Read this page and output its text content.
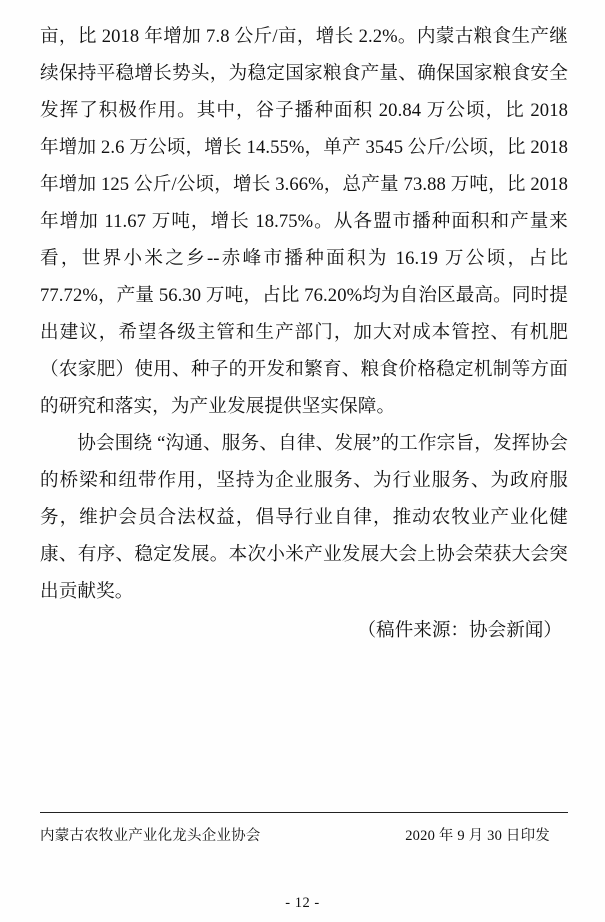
亩，比 2018 年增加 7.8 公斤/亩，增长 2.2%。内蒙古粮食生产继续保持平稳增长势头，为稳定国家粮食产量、确保国家粮食安全发挥了积极作用。其中，谷子播种面积 20.84 万公顷，比 2018 年增加 2.6 万公顷，增长 14.55%，单产 3545 公斤/公顷，比 2018 年增加 125 公斤/公顷，增长 3.66%，总产量 73.88 万吨，比 2018 年增加 11.67 万吨，增长 18.75%。从各盟市播种面积和产量来看，世界小米之乡--赤峰市播种面积为 16.19 万公顷，占比 77.72%，产量 56.30 万吨，占比 76.20%均为自治区最高。同时提出建议，希望各级主管和生产部门，加大对成本管控、有机肥（农家肥）使用、种子的开发和繁育、粮食价格稳定机制等方面的研究和落实，为产业发展提供坚实保障。

协会围绕 “沟通、服务、自律、发展”的工作宗旨，发挥协会的桥梁和纽带作用，坚持为企业服务、为行业服务、为政府服务，维护会员合法权益，倡导行业自律，推动农牧业产业化健康、有序、稳定发展。本次小米产业发展大会上协会荣获大会突出贡献奖。

（稿件来源：协会新闻）
内蒙古农牧业产业化龙头企业协会	2020 年 9 月 30 日印发
- 12 -
